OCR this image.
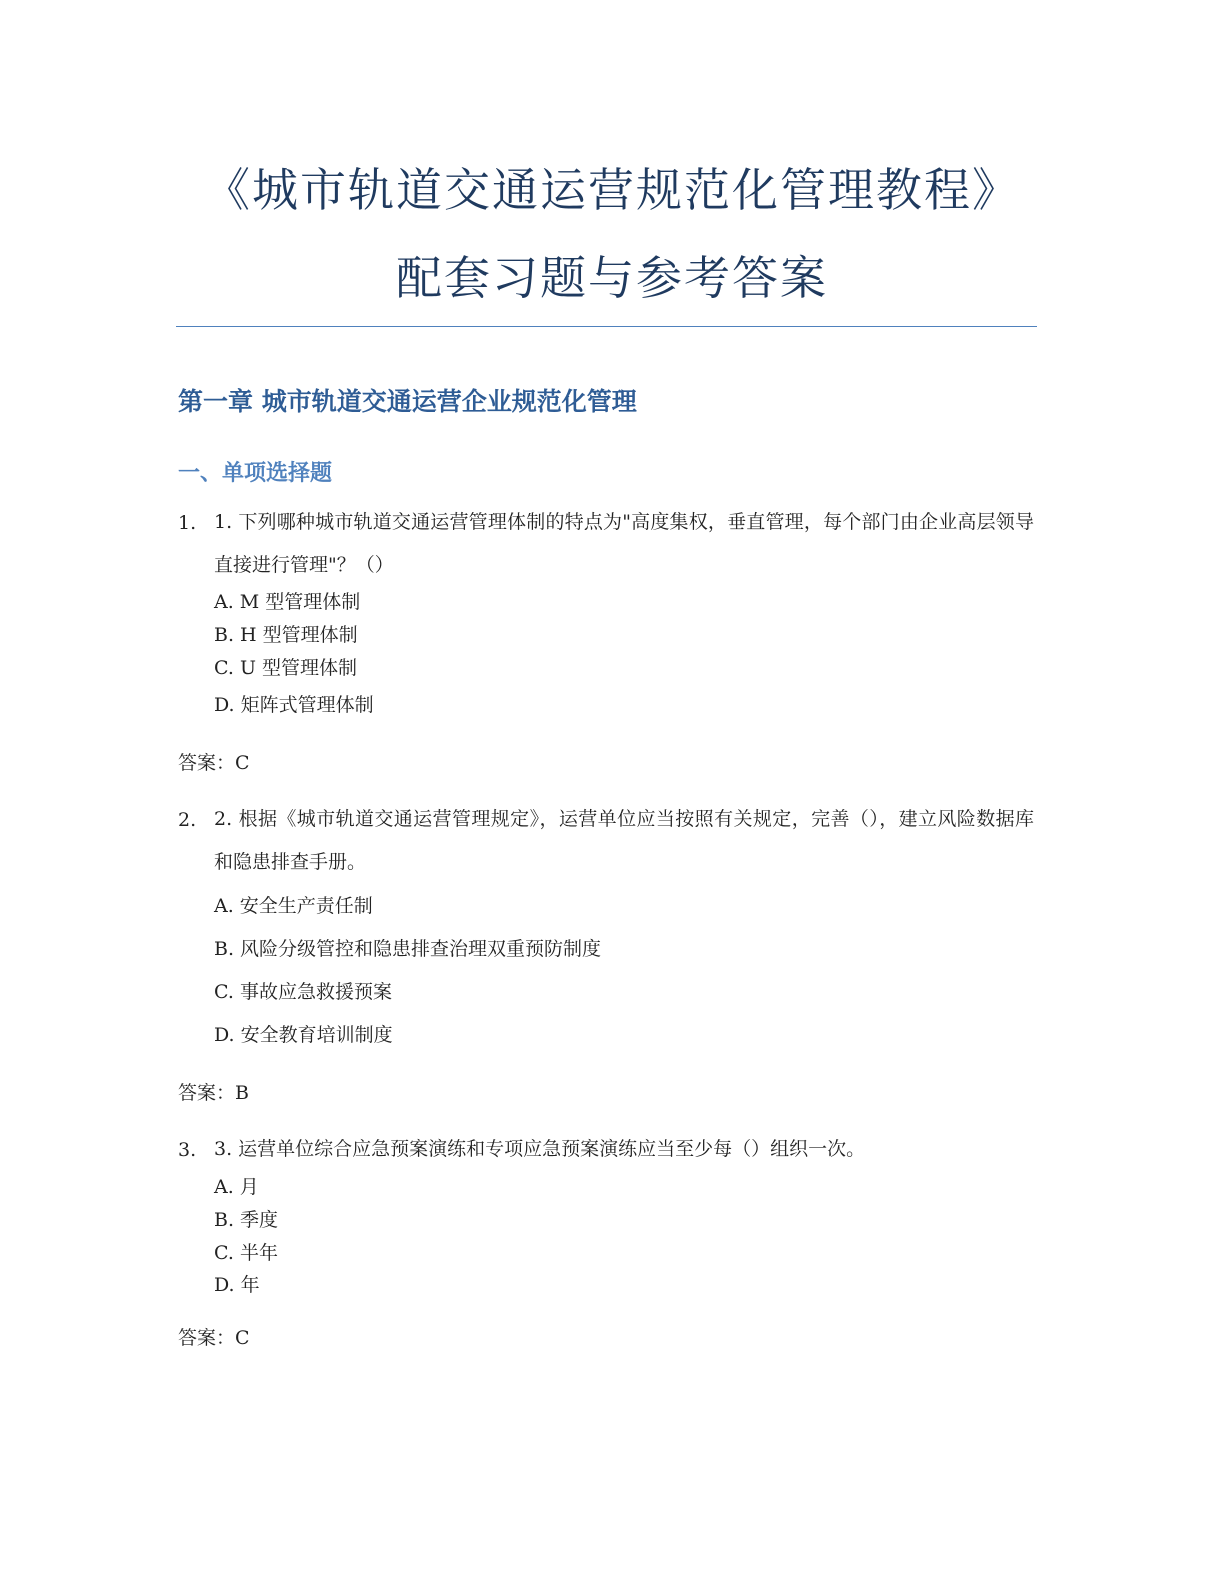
《城市轨道交通运营规范化管理教程》
配套习题与参考答案
第一章 城市轨道交通运营企业规范化管理
一、单项选择题
1. 1. 下列哪种城市轨道交通运营管理体制的特点为"高度集权，垂直管理，每个部门由企业高层领导直接进行管理"？（）
A. M 型管理体制
B. H 型管理体制
C. U 型管理体制
D. 矩阵式管理体制
答案：C
2. 2. 根据《城市轨道交通运营管理规定》，运营单位应当按照有关规定，完善（），建立风险数据库和隐患排查手册。
A. 安全生产责任制
B. 风险分级管控和隐患排查治理双重预防制度
C. 事故应急救援预案
D. 安全教育培训制度
答案：B
3. 3. 运营单位综合应急预案演练和专项应急预案演练应当至少每（）组织一次。
A. 月
B. 季度
C. 半年
D. 年
答案：C
